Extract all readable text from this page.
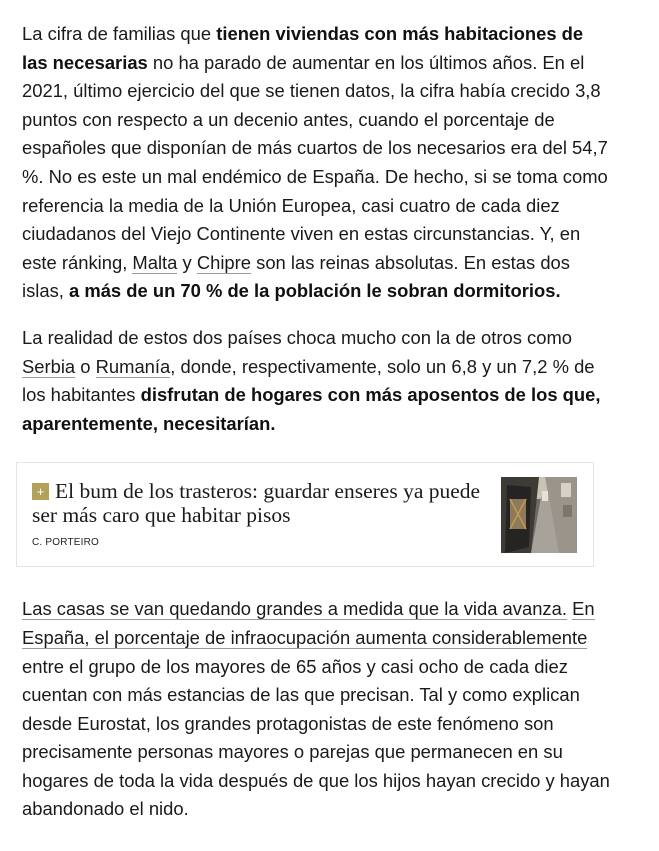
La cifra de familias que tienen viviendas con más habitaciones de las necesarias no ha parado de aumentar en los últimos años. En el 2021, último ejercicio del que se tienen datos, la cifra había crecido 3,8 puntos con respecto a un decenio antes, cuando el porcentaje de españoles que disponían de más cuartos de los necesarios era del 54,7 %. No es este un mal endémico de España. De hecho, si se toma como referencia la media de la Unión Europea, casi cuatro de cada diez ciudadanos del Viejo Continente viven en estas circunstancias. Y, en este ránking, Malta y Chipre son las reinas absolutas. En estas dos islas, a más de un 70 % de la población le sobran dormitorios.

La realidad de estos dos países choca mucho con la de otros como Serbia o Rumanía, donde, respectivamente, solo un 6,8 y un 7,2 % de los habitantes disfrutan de hogares con más aposentos de los que, aparentemente, necesitarían.

+ El bum de los trasteros: guardar enseres ya puede ser más caro que habitar pisos
C. PORTEIRO

Las casas se van quedando grandes a medida que la vida avanza. En España, el porcentaje de infraocupación aumenta considerablemente entre el grupo de los mayores de 65 años y casi ocho de cada diez cuentan con más estancias de las que precisan. Tal y como explican desde Eurostat, los grandes protagonistas de este fenómeno son precisamente personas mayores o parejas que permanecen en su hogares de toda la vida después de que los hijos hayan crecido y hayan abandonado el nido.
